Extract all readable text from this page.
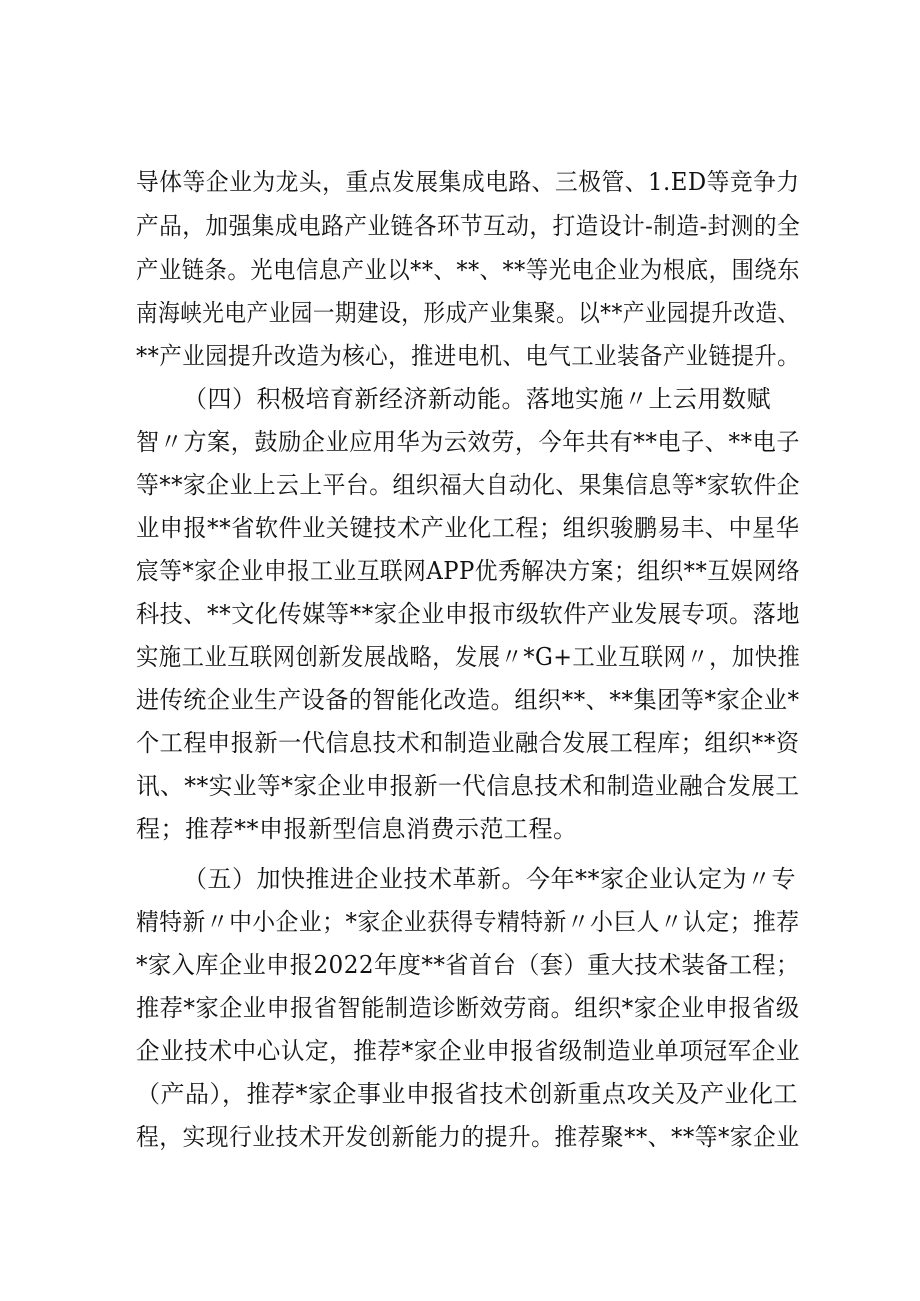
导体等企业为龙头，重点发展集成电路、三极管、1.ED等竞争力
产品，加强集成电路产业链各环节互动，打造设计-制造-封测的全
产业链条。光电信息产业以**、**、**等光电企业为根底，围绕东
南海峡光电产业园一期建设，形成产业集聚。以**产业园提升改造、
**产业园提升改造为核心，推进电机、电气工业装备产业链提升。
（四）积极培育新经济新动能。落地实施〃上云用数赋
智〃方案，鼓励企业应用华为云效劳，今年共有**电子、**电子
等**家企业上云上平台。组织福大自动化、果集信息等*家软件企
业申报**省软件业关键技术产业化工程；组织骏鹏易丰、中星华
宸等*家企业申报工业互联网APP优秀解决方案；组织**互娱网络
科技、**文化传媒等**家企业申报市级软件产业发展专项。落地
实施工业互联网创新发展战略，发展〃*G+工业互联网〃，加快推
进传统企业生产设备的智能化改造。组织**、**集团等*家企业*
个工程申报新一代信息技术和制造业融合发展工程库；组织**资
讯、**实业等*家企业申报新一代信息技术和制造业融合发展工
程；推荐**申报新型信息消费示范工程。
（五）加快推进企业技术革新。今年**家企业认定为〃专
精特新〃中小企业；*家企业获得专精特新〃小巨人〃认定；推荐
*家入库企业申报2022年度**省首台（套）重大技术装备工程；
推荐*家企业申报省智能制造诊断效劳商。组织*家企业申报省级
企业技术中心认定，推荐*家企业申报省级制造业单项冠军企业
（产品），推荐*家企事业申报省技术创新重点攻关及产业化工
程，实现行业技术开发创新能力的提升。推荐聚**、**等*家企业
